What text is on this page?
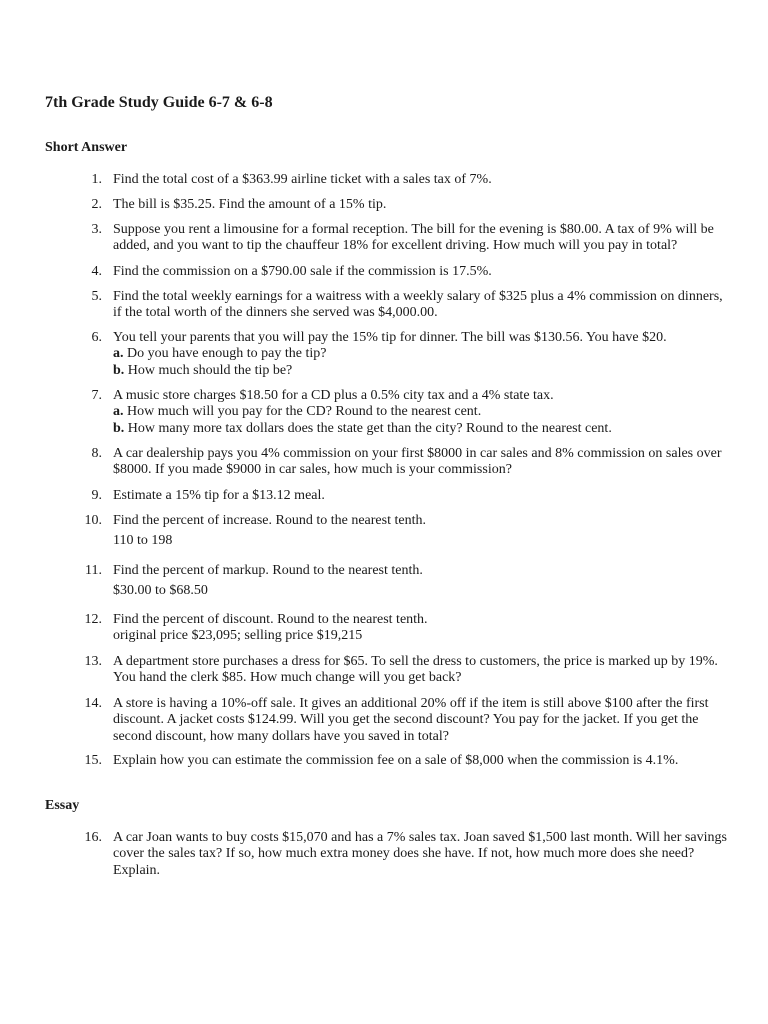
7th Grade Study Guide 6-7 & 6-8
Short Answer
1. Find the total cost of a $363.99 airline ticket with a sales tax of 7%.
2. The bill is $35.25. Find the amount of a 15% tip.
3. Suppose you rent a limousine for a formal reception. The bill for the evening is $80.00. A tax of 9% will be
added, and you want to tip the chauffeur 18% for excellent driving. How much will you pay in total?
4. Find the commission on a $790.00 sale if the commission is 17.5%.
5. Find the total weekly earnings for a waitress with a weekly salary of $325 plus a 4% commission on dinners,
if the total worth of the dinners she served was $4,000.00.
6. You tell your parents that you will pay the 15% tip for dinner. The bill was $130.56. You have $20.
a. Do you have enough to pay the tip?
b. How much should the tip be?
7. A music store charges $18.50 for a CD plus a 0.5% city tax and a 4% state tax.
a. How much will you pay for the CD? Round to the nearest cent.
b. How many more tax dollars does the state get than the city? Round to the nearest cent.
8. A car dealership pays you 4% commission on your first $8000 in car sales and 8% commission on sales over
$8000. If you made $9000 in car sales, how much is your commission?
9. Estimate a 15% tip for a $13.12 meal.
10. Find the percent of increase. Round to the nearest tenth.
110 to 198
11. Find the percent of markup. Round to the nearest tenth.
$30.00 to $68.50
12. Find the percent of discount. Round to the nearest tenth.
original price $23,095; selling price $19,215
13. A department store purchases a dress for $65. To sell the dress to customers, the price is marked up by 19%.
You hand the clerk $85. How much change will you get back?
14. A store is having a 10%-off sale. It gives an additional 20% off if the item is still above $100 after the first
discount. A jacket costs $124.99. Will you get the second discount? You pay for the jacket. If you get the
second discount, how many dollars have you saved in total?
15. Explain how you can estimate the commission fee on a sale of $8,000 when the commission is 4.1%.
Essay
16. A car Joan wants to buy costs $15,070 and has a 7% sales tax. Joan saved $1,500 last month. Will her savings
cover the sales tax? If so, how much extra money does she have. If not, how much more does she need?
Explain.
